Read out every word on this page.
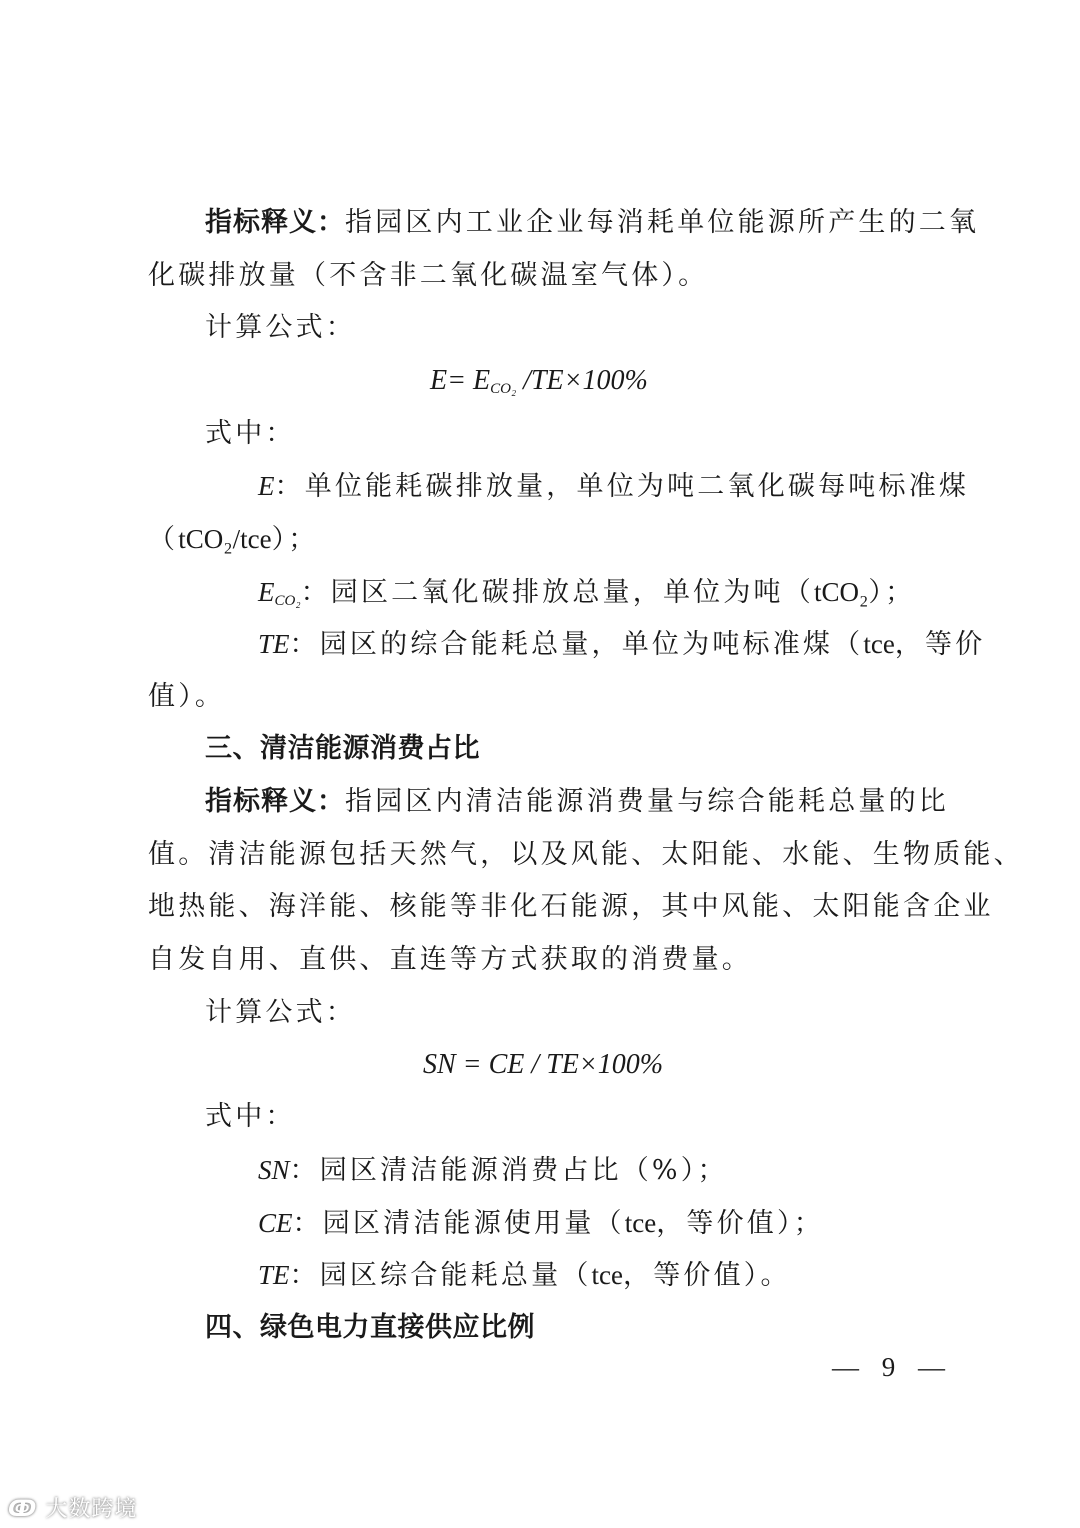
指标释义：指园区内工业企业每消耗单位能源所产生的二氧
化碳排放量（不含非二氧化碳温室气体）。
计算公式：
$E= E_{CO_2}$ /TE×100%
式中：
E：单位能耗碳排放量，单位为吨二氧化碳每吨标准煤
（tCO₂/tce）；
$E_{CO_2}$：园区二氧化碳排放总量，单位为吨（tCO₂）；
TE：园区的综合能耗总量，单位为吨标准煤（tce，等价
值）。
三、清洁能源消费占比
指标释义：指园区内清洁能源消费量与综合能耗总量的比
值。清洁能源包括天然气，以及风能、太阳能、水能、生物质能、
地热能、海洋能、核能等非化石能源，其中风能、太阳能含企业
自发自用、直供、直连等方式获取的消费量。
计算公式：
SN = CE / TE×100%
式中：
SN：园区清洁能源消费占比（%）；
CE：园区清洁能源使用量（tce，等价值）；
TE：园区综合能耗总量（tce，等价值）。
四、绿色电力直接供应比例
— 9 —
ↂ 大数跨境
